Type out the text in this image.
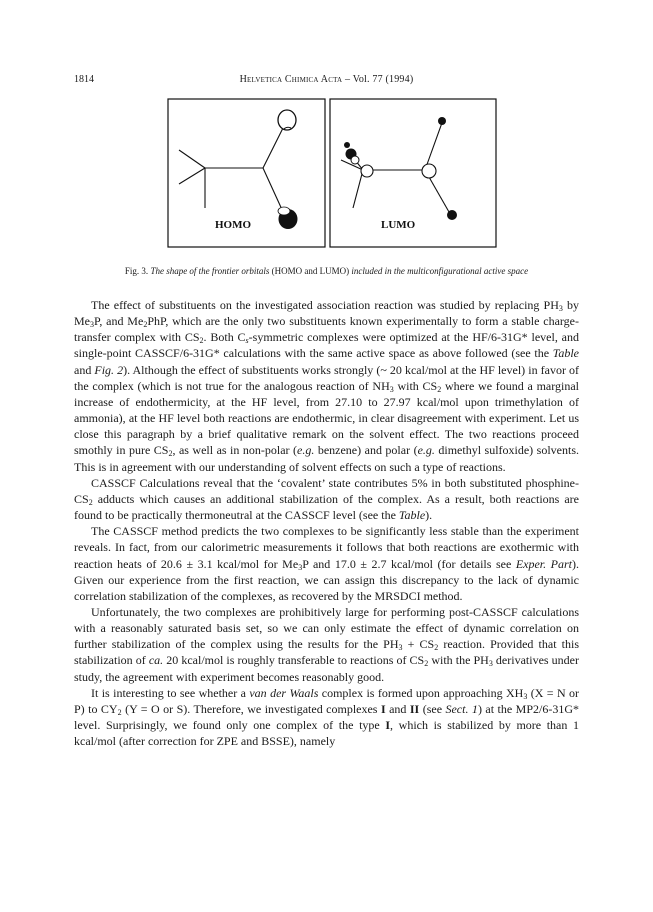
1814	Helvetica Chimica Acta – Vol. 77 (1994)
HOMO	LUMO
Fig. 3. The shape of the frontier orbitals (HOMO and LUMO) included in the multiconfigurational active space

The effect of substituents on the investigated association reaction was studied by replacing $PH_3$ by $Me_3P$, and $Me_2PhP$, which are the only two substituents known experimentally to form a stable charge-transfer complex with $CS_2$. Both $C_s$-symmetric complexes were optimized at the HF/6-31G* level, and single-point CASSCF/6-31G* calculations with the same active space as above followed (see the Table and Fig. 2). Although the effect of substituents works strongly (~ 20 kcal/mol at the HF level) in favor of the complex (which is not true for the analogous reaction of $NH_3$ with $CS_2$ where we found a marginal increase of endothermicity, at the HF level, from 27.10 to 27.97 kcal/mol upon trimethylation of ammonia), at the HF level both reactions are endothermic, in clear disagreement with experiment. Let us close this paragraph by a brief qualitative remark on the solvent effect. The two reactions proceed smothly in pure $CS_2$, as well as in non-polar (e.g. benzene) and polar (e.g. dimethyl sulfoxide) solvents. This is in agreement with our understanding of solvent effects on such a type of reactions.

CASSCF Calculations reveal that the ‘covalent’ state contributes 5% in both substituted phosphine-$CS_2$ adducts which causes an additional stabilization of the complex. As a result, both reactions are found to be practically thermoneutral at the CASSCF level (see the Table).

The CASSCF method predicts the two complexes to be significantly less stable than the experiment reveals. In fact, from our calorimetric measurements it follows that both reactions are exothermic with reaction heats of 20.6 ± 3.1 kcal/mol for $Me_3P$ and 17.0 ± 2.7 kcal/mol (for details see Exper. Part). Given our experience from the first reaction, we can assign this discrepancy to the lack of dynamic correlation stabilization of the complexes, as recovered by the MRSDCI method.

Unfortunately, the two complexes are prohibitively large for performing post-CASSCF calculations with a reasonably saturated basis set, so we can only estimate the effect of dynamic correlation on further stabilization of the complex using the results for the $PH_3 + CS_2$ reaction. Provided that this stabilization of ca. 20 kcal/mol is roughly transferable to reactions of $CS_2$ with the $PH_3$ derivatives under study, the agreement with experiment becomes reasonably good.

It is interesting to see whether a van der Waals complex is formed upon approaching $XH_3$ (X = N or P) to $CY_2$ (Y = O or S). Therefore, we investigated complexes I and II (see Sect. 1) at the MP2/6-31G* level. Surprisingly, we found only one complex of the type I, which is stabilized by more than 1 kcal/mol (after correction for ZPE and BSSE), namely
